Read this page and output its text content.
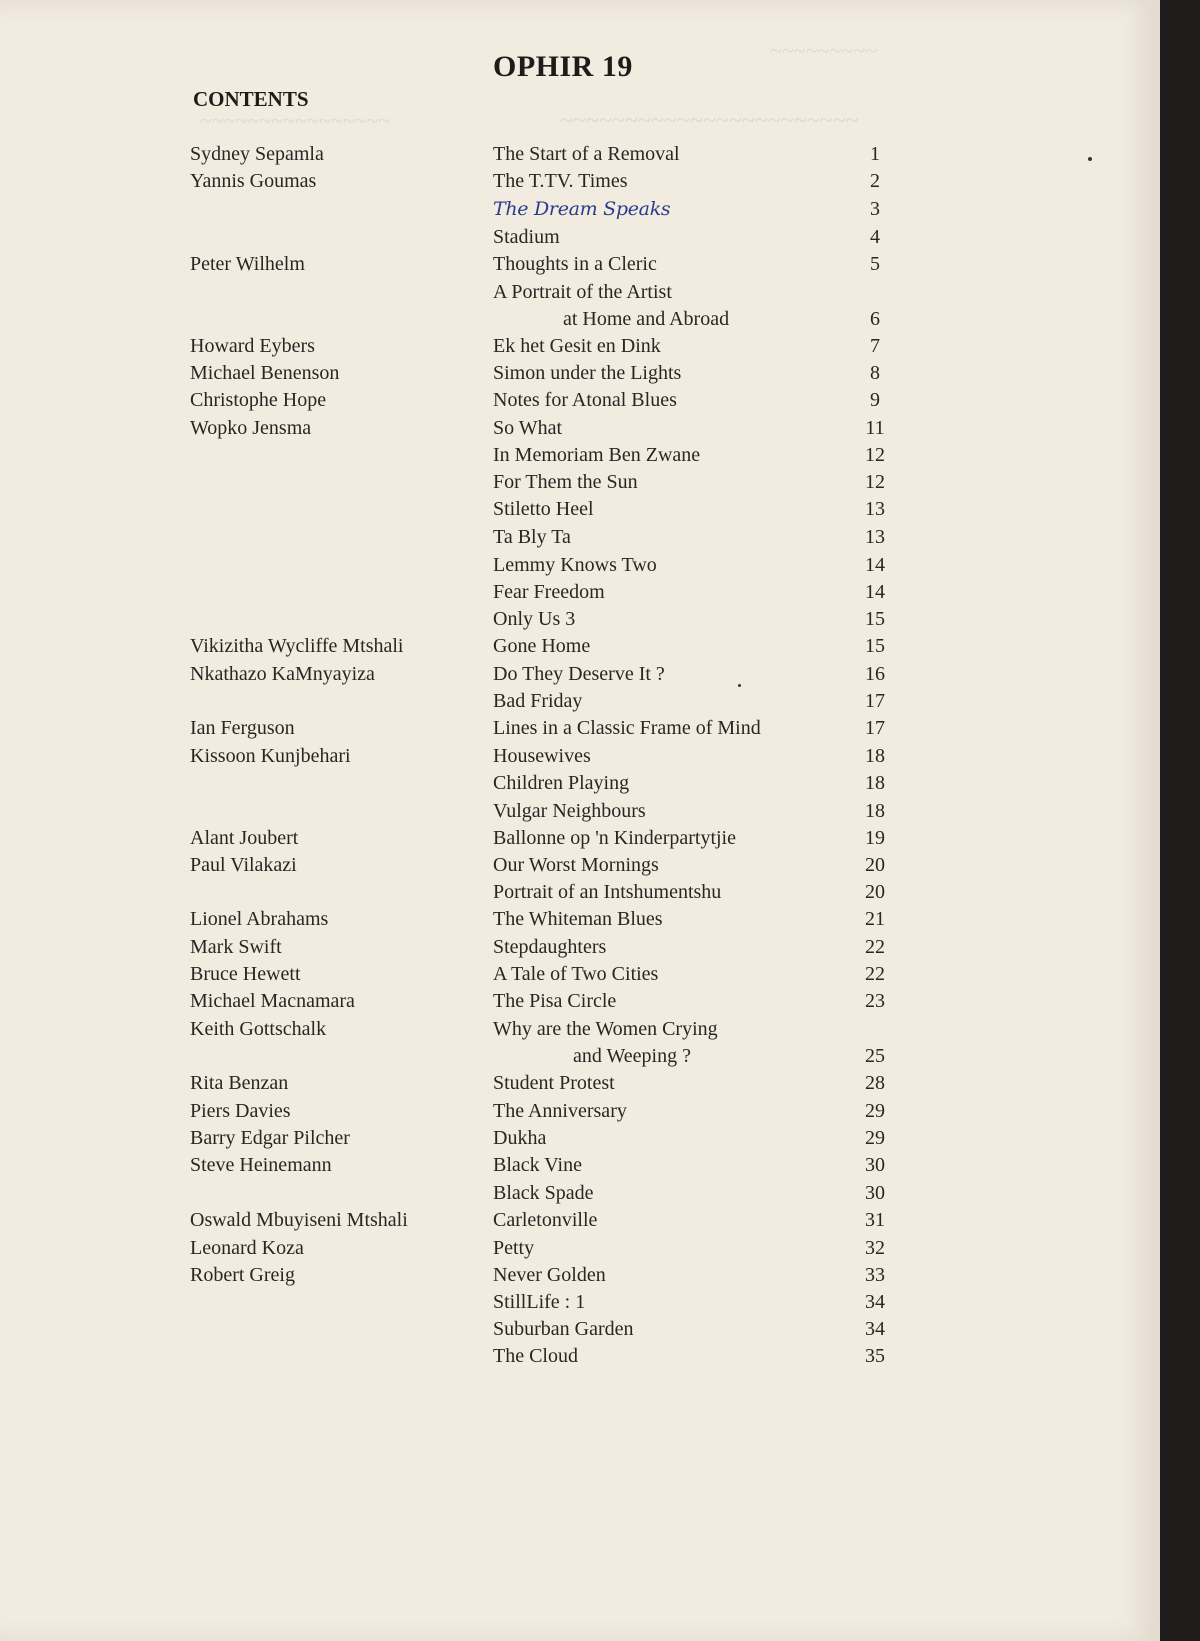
~~~~~~~~~
~~~~~~~~~~~~~~~~~~~~~~~
~~~~~~~~~~~~~~~~
OPHIR 19
CONTENTS
Sydney Sepamla	The Start of a Removal	1
Yannis Goumas	The T.TV. Times	2
The Dream Speaks	3
Stadium	4
Peter Wilhelm	Thoughts in a Cleric	5
A Portrait of the Artist
at Home and Abroad	6
Howard Eybers	Ek het Gesit en Dink	7
Michael Benenson	Simon under the Lights	8
Christophe Hope	Notes for Atonal Blues	9
Wopko Jensma	So What	11
In Memoriam Ben Zwane	12
For Them the Sun	12
Stiletto Heel	13
Ta Bly Ta	13
Lemmy Knows Two	14
Fear Freedom	14
Only Us 3	15
Vikizitha Wycliffe Mtshali	Gone Home	15
Nkathazo KaMnyayiza	Do They Deserve It ?	16
Bad Friday	17
Ian Ferguson	Lines in a Classic Frame of Mind	17
Kissoon Kunjbehari	Housewives	18
Children Playing	18
Vulgar Neighbours	18
Alant Joubert	Ballonne op 'n Kinderpartytjie	19
Paul Vilakazi	Our Worst Mornings	20
Portrait of an Intshumentshu	20
Lionel Abrahams	The Whiteman Blues	21
Mark Swift	Stepdaughters	22
Bruce Hewett	A Tale of Two Cities	22
Michael Macnamara	The Pisa Circle	23
Keith Gottschalk	Why are the Women Crying
and Weeping ?	25
Rita Benzan	Student Protest	28
Piers Davies	The Anniversary	29
Barry Edgar Pilcher	Dukha	29
Steve Heinemann	Black Vine	30
Black Spade	30
Oswald Mbuyiseni Mtshali	Carletonville	31
Leonard Koza	Petty	32
Robert Greig	Never Golden	33
StillLife : 1	34
Suburban Garden	34
The Cloud	35
